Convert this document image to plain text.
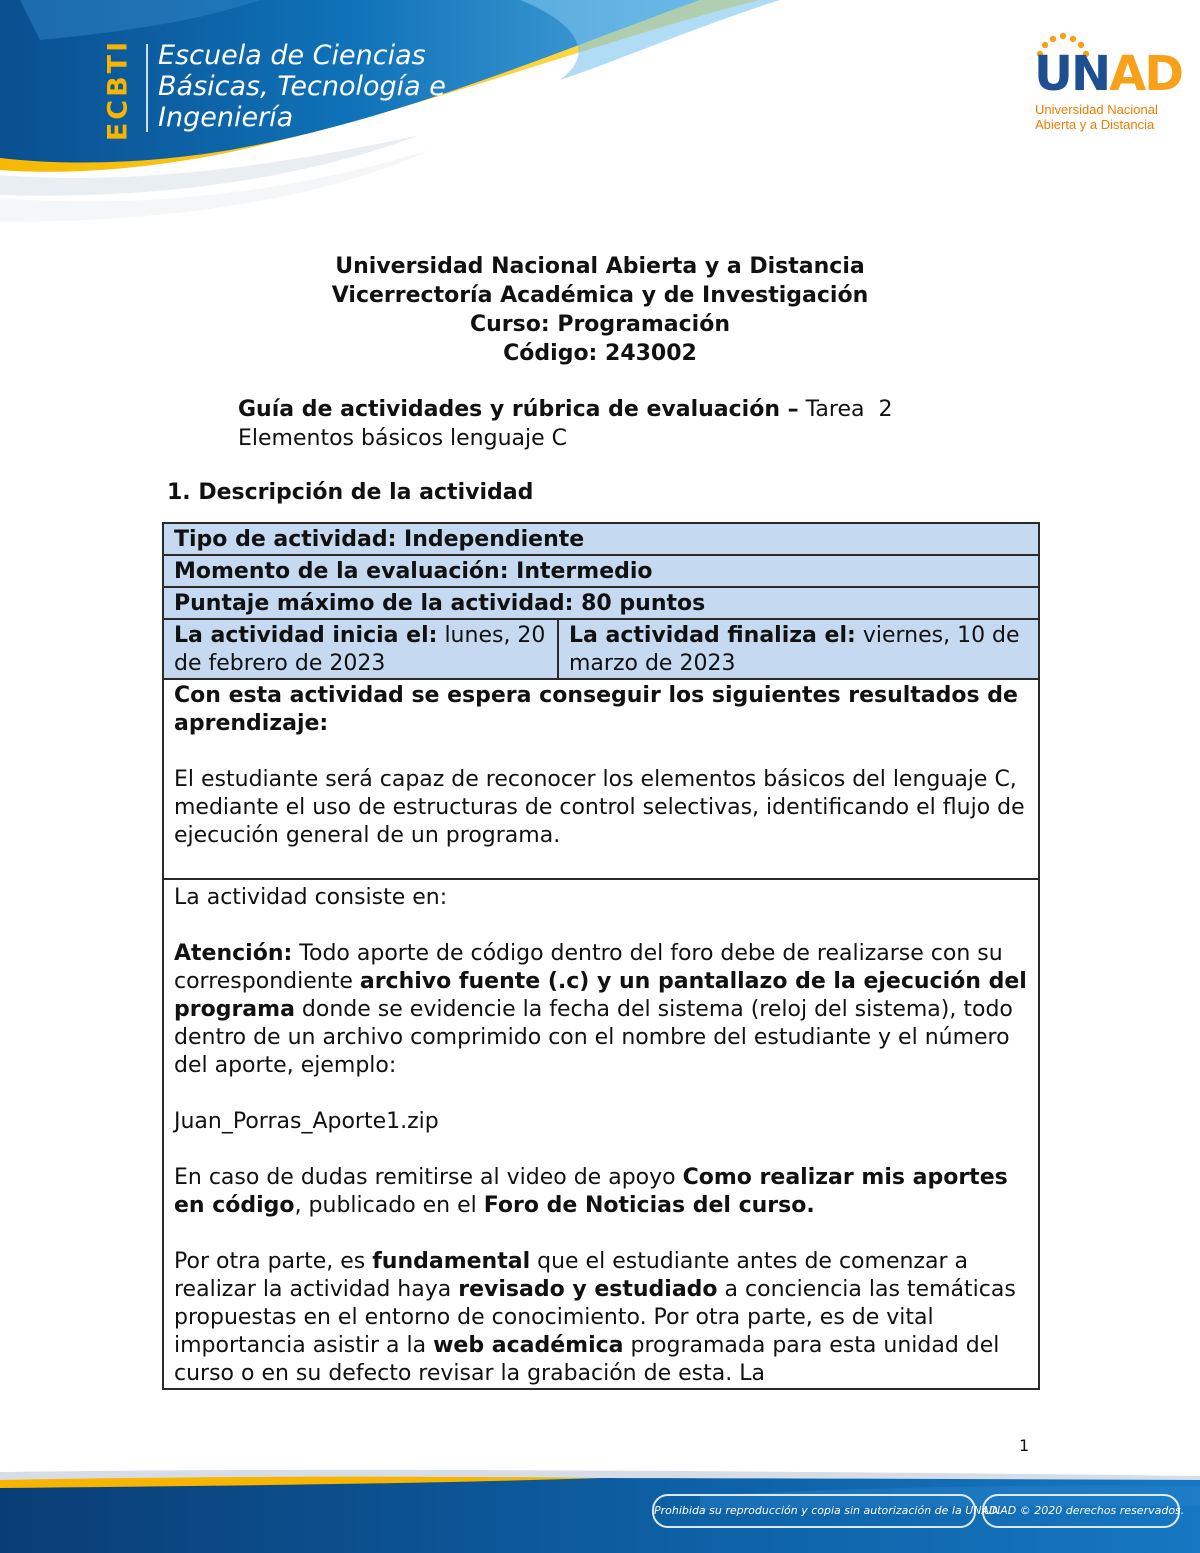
ECBTI Escuela de Ciencias
Básicas, Tecnología e
Ingeniería
UNAD
Universidad Nacional
Abierta y a Distancia
Universidad Nacional Abierta y a Distancia
Vicerrectoría Académica y de Investigación
Curso: Programación
Código: 243002
Guía de actividades y rúbrica de evaluación – Tarea  2
Elementos básicos lenguaje C
1. Descripción de la actividad
Tipo de actividad: Independiente
Momento de la evaluación: Intermedio
Puntaje máximo de la actividad: 80 puntos
La actividad inicia el: lunes, 20 de febrero de 2023	La actividad finaliza el: viernes, 10 de marzo de 2023

Con esta actividad se espera conseguir los siguientes resultados de aprendizaje:
El estudiante será capaz de reconocer los elementos básicos del lenguaje C, mediante el uso de estructuras de control selectivas, identificando el flujo de ejecución general de un programa.

La actividad consiste en:
Atención: Todo aporte de código dentro del foro debe de realizarse con su correspondiente archivo fuente (.c) y un pantallazo de la ejecución del programa donde se evidencie la fecha del sistema (reloj del sistema), todo dentro de un archivo comprimido con el nombre del estudiante y el número del aporte, ejemplo:
Juan_Porras_Aporte1.zip
En caso de dudas remitirse al video de apoyo Como realizar mis aportes en código, publicado en el Foro de Noticias del curso.
Por otra parte, es fundamental que el estudiante antes de comenzar a realizar la actividad haya revisado y estudiado a conciencia las temáticas propuestas en el entorno de conocimiento. Por otra parte, es de vital importancia asistir a la web académica programada para esta unidad del curso o en su defecto revisar la grabación de esta. La
1
Prohibida su reproducción y copia sin autorización de la UNAD.
UNAD © 2020 derechos reservados.
